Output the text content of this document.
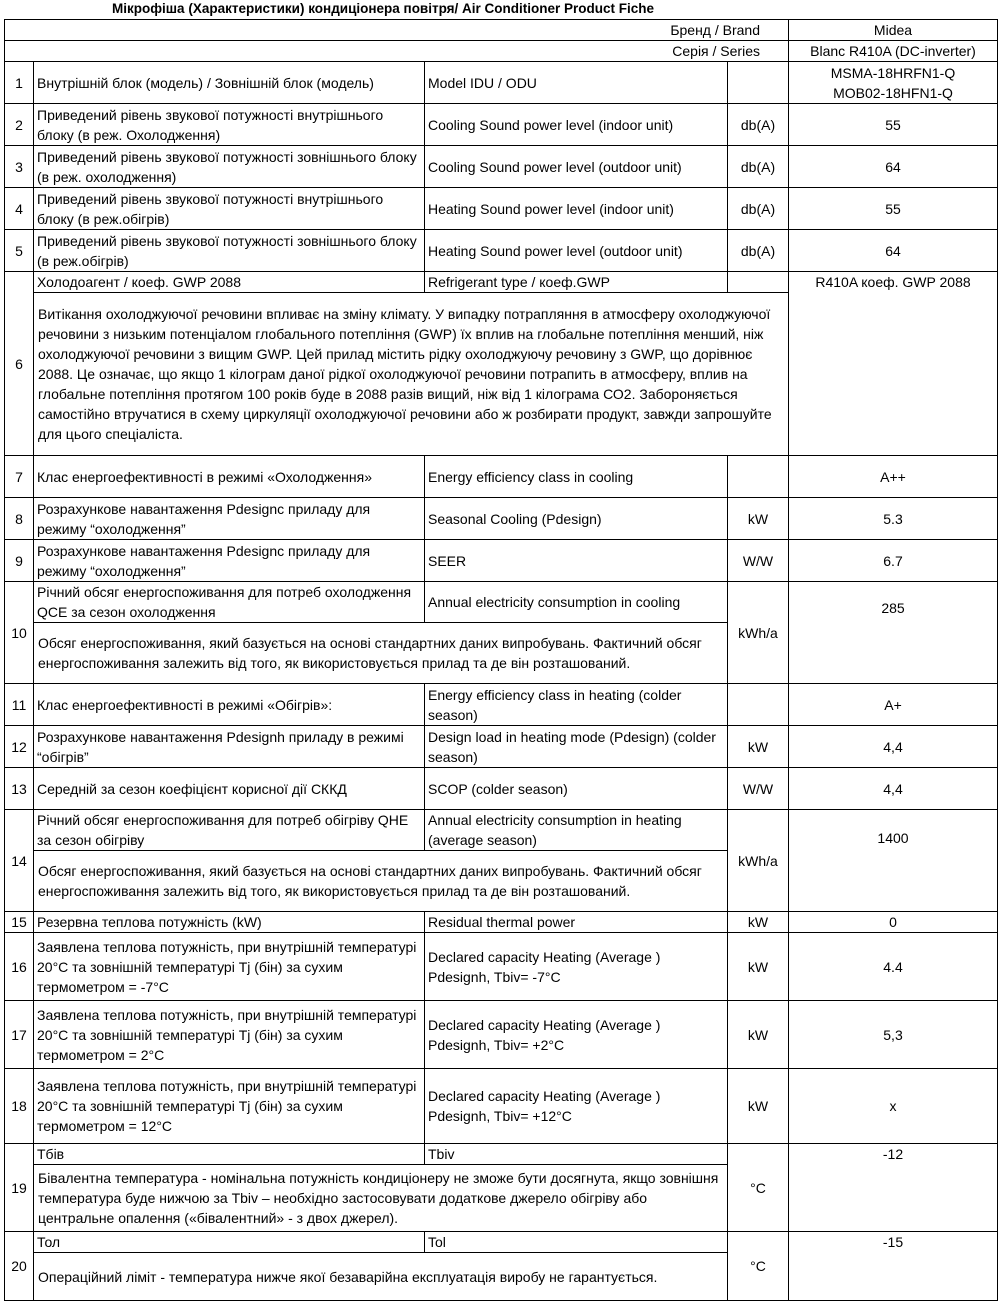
Мікрофіша (Характеристики) кондиціонера повітря/ Air Conditioner Product Fiche
Бренд / Brand				Midea
Серія / Series				Blanc R410A (DC-inverter)
1	Внутрішній блок (модель) / Зовнішній блок (модель)	Model IDU / ODU		MSMA-18HRFN1-Q
MOB02-18HFN1-Q

2	Приведений рівень звукової потужності внутрішнього блоку (в реж. Охолодження)	Cooling Sound power level (indoor unit)	db(A)	55
3	Приведений рівень звукової потужності зовнішнього блоку (в реж. охолодження)	Cooling Sound power level (outdoor unit)	db(A)	64
4	Приведений рівень звукової потужності внутрішнього блоку (в реж.обігрів)	Heating Sound power level (indoor unit)	db(A)	55
5	Приведений рівень звукової потужності зовнішнього блоку (в реж.обігрів)	Heating Sound power level (outdoor unit)	db(A)	64
6	Холодоагент / коеф. GWP 2088	Refrigerant type / коеф.GWP		R410A коеф. GWP 2088
	Витікання охолоджуючої речовини впливає на зміну клімату. У випадку потрапляння в атмосферу охолоджуючої речовини з низьким потенціалом глобального потепління (GWP) їх вплив на глобальне потепління менший, ніж охолоджуючої речовини з вищим GWP. Цей прилад містить рідку охолоджуючу речовину з GWP, що дорівнює 2088. Це означає, що якщо 1 кілограм даної рідкої охолоджуючої речовини потрапить в атмосферу, вплив на глобальне потепління протягом 100 років буде в 2088 разів вищий, ніж від 1 кілограма СО2. Забороняється самостійно втручатися в схему циркуляції охолоджуючої речовини або ж розбирати продукт, завжди запрошуйте для цього спеціаліста.			
7	Клас енергоефективності в режимі «Охолодження»	Energy efficiency class in cooling		A++
8	Розрахункове навантаження Pdesignc приладу для режиму “охолодження”	Seasonal Cooling (Pdesign)	kW	5.3
9	Розрахункове навантаження Pdesignc приладу для режиму “охолодження”	SEER	W/W	6.7
10	Річний обсяг енергоспоживання для потреб охолодження QCE за сезон охолодження	Annual electricity consumption in cooling	kWh/a	285
	Обсяг енергоспоживання, який базується на основі стандартних даних випробувань. Фактичний обсяг енергоспоживання залежить від того, як використовується прилад та де він розташований.			
11	Клас енергоефективності в режимі «Обігрів»:	Energy efficiency class in heating (colder season)		A+
12	Розрахункове навантаження Pdesignh приладу в режимі “обігрів”	Design load in heating mode (Pdesign) (colder season)	kW	4,4
13	Середній за сезон коефіцієнт корисної дії СККД	SCOP (colder season)	W/W	4,4
14	Річний обсяг енергоспоживання для потреб обігріву QHE за сезон обігріву	Annual electricity consumption in heating (average season)	kWh/a	1400
	Обсяг енергоспоживання, який базується на основі стандартних даних випробувань. Фактичний обсяг енергоспоживання залежить від того, як використовується прилад та де він розташований.			
15	Резервна теплова потужність (kW)	Residual thermal power	kW	0
16	Заявлена теплова потужність, при внутрішній температурі 20°С та зовнішній температурі Tj (бін) за сухим термометром = -7°С	Declared capacity Heating (Average ) Pdesignh, Tbiv= -7°C	kW	4.4
17	Заявлена теплова потужність, при внутрішній температурі 20°С та зовнішній температурі Tj (бін) за сухим термометром = 2°С	Declared capacity Heating (Average ) Pdesignh, Tbiv= +2°C	kW	5,3
18	Заявлена теплова потужність, при внутрішній температурі 20°С та зовнішній температурі Tj (бін) за сухим термометром = 12°С	Declared capacity Heating (Average ) Pdesignh, Tbiv= +12°C	kW	x
19	Тбів	Tbiv	°C	-12
	Бівалентна температура - номінальна потужність кондиціонеру не зможе бути досягнута, якщо зовнішня температура буде нижчою за Tbiv – необхідно застосовувати додаткове джерело обігріву або центральне опалення («бівалентний» - з двох джерел).			
20	Тол	Tol	°C	-15
	Операційний ліміт - температура нижче якої безаварійна експлуатація виробу не гарантується.			
